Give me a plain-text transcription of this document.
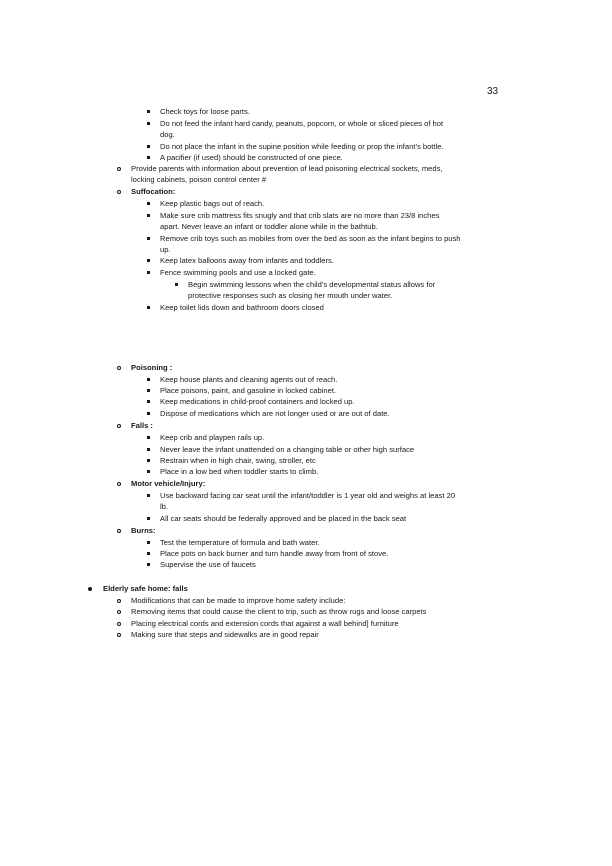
33
Check toys for loose parts.
Do not feed the infant hard candy, peanuts, popcorn, or whole or sliced pieces of hot
dog.
Do not place the infant in the supine position while feeding or prop the infant’s bottle.
A pacifier (if used) should be constructed of one piece.
Provide parents with information about prevention of lead poisoning electrical sockets, meds,
locking cabinets, poison control center #
Suffocation:
Keep plastic bags out of reach.
Make sure crib mattress fits snugly and that crib slats are no more than 23/8 inches
apart. Never leave an infant or toddler alone while in the bathtub.
Remove crib toys such as mobiles from over the bed as soon as the infant begins to push
up.
Keep latex balloons away from infants and toddlers.
Fence swimming pools and use a locked gate.
Begin swimming lessons when the child’s developmental status allows for
protective responses such as closing her mouth under water.
Keep toilet lids down and bathroom doors closed
Poisoning :
Keep house plants and cleaning agents out of reach.
Place poisons, paint, and gasoline in locked cabinet.
Keep medications in child-proof containers and locked up.
Dispose of medications which are not longer used or are out of date.
Falls :
Keep crib and playpen rails up.
Never leave the infant unattended on a changing table or other high surface
Restrain when in high chair, swing, stroller, etc
Place in a low bed when toddler starts to climb.
Motor vehicle/Injury:
Use backward facing car seat until the infant/toddler is 1 year old and weighs at least 20
lb.
All car seats should be federally approved and be placed in the back seat
Burns:
Test the temperature of formula and bath water.
Place pots on back burner and turn handle away from front of stove.
Supervise the use of faucets
Elderly safe home: falls
Modifications that can be made to improve home safety include:
Removing items that could cause the client to trip, such as throw rugs and loose carpets
Placing electrical cords and extension cords that against a wall behind] furniture
Making sure that steps and sidewalks are in good repair
